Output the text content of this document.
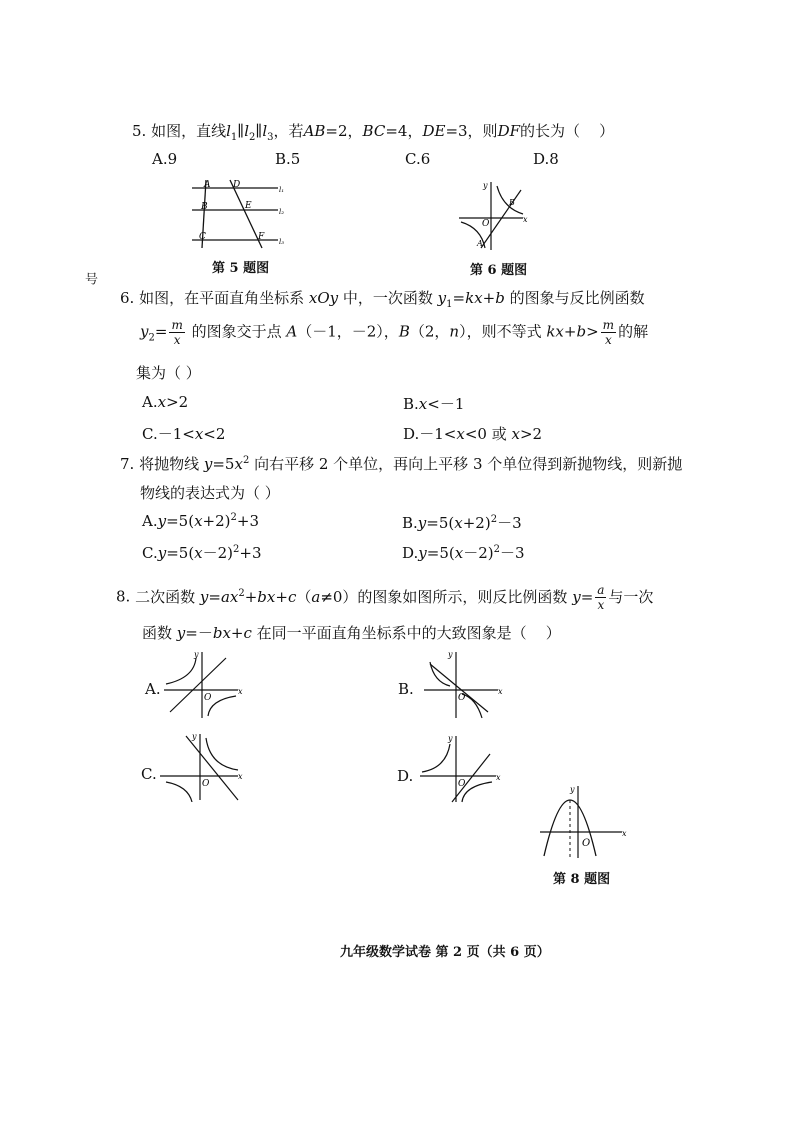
号
5. 如图，直线$l_1\parallel l_2\parallel l_3$，若AB=2，BC=4，DE=3，则DF的长为（    ）
A.9	B.5	C.6	D.8
A	D
B	E
C	F
l₁
l₂
l₃
第 5 题图
y
B
O	x
A
第 6 题图
6. 如图，在平面直角坐标系 xOy 中，一次函数 $y_1=kx+b$ 的图象与反比例函数
$y_2= \frac{m}{x}$ 的图象交于点 A（－1，－2），B（2，n），则不等式 $kx+b> \frac{m}{x}$ 的解
集为（ ）
A.x>2	B.x<－1
C.－1<x<2	D.－1<x<0 或 x>2
7. 将抛物线 $y=5x^2$ 向右平移 2 个单位，再向上平移 3 个单位得到新抛物线，则新抛
物线的表达式为（ ）
$A.y=5(x+2)^2+3$	$B.y=5(x+2)^2-3$
$C.y=5(x-2)^2+3$	$D.y=5(x-2)^2-3$
8. 二次函数 $y=ax^2+bx+c(a\ne 0)$的图象如图所示，则反比例函数 $y= \frac{a}{x}$ 与一次
函数 y=－bx+c 在同一平面直角坐标系中的大致图象是（    ）
A.	B.
C.	D.
y
O
x
y
O
x
y
O
x
y
O
x
y
O
x
第 8 题图
九年级数学试卷 第 2 页（共 6 页）
